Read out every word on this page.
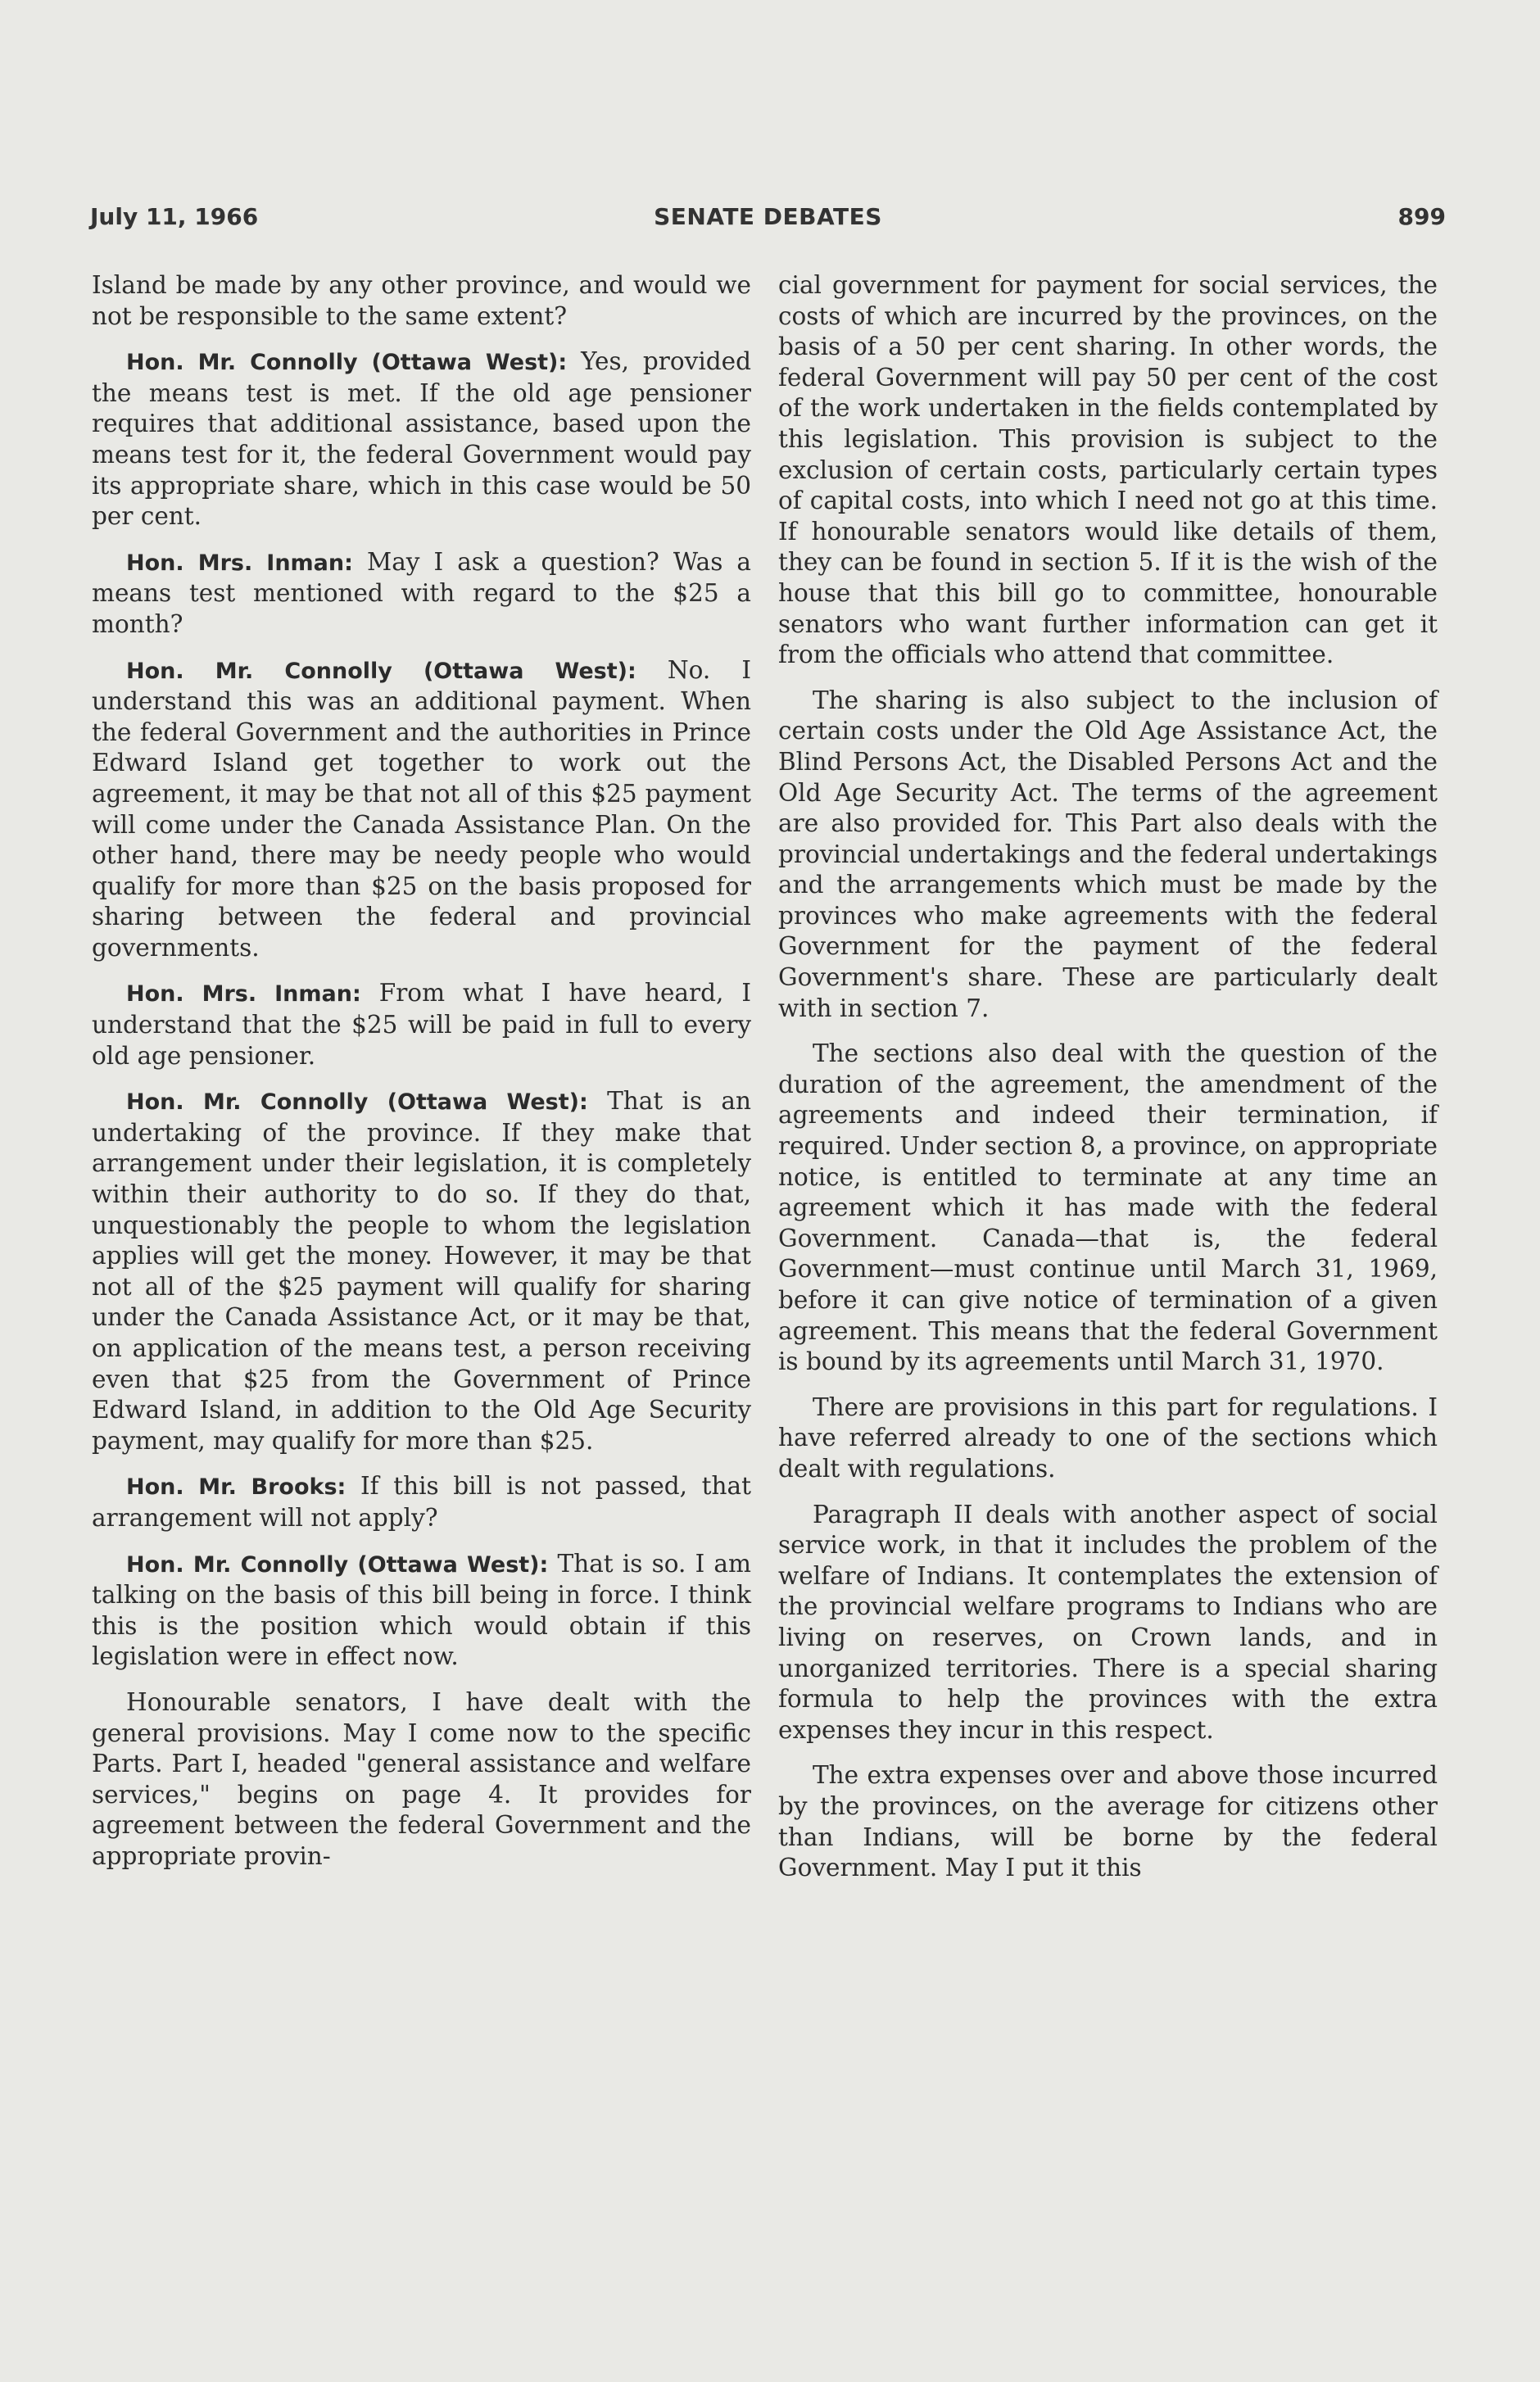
SENATE DEBATES
July 11, 1966	899

Island be made by any other province, and would we not be responsible to the same extent?

Hon. Mr. Connolly (Ottawa West): Yes, provided the means test is met. If the old age pensioner requires that additional assistance, based upon the means test for it, the federal Government would pay its appropriate share, which in this case would be 50 per cent.

Hon. Mrs. Inman: May I ask a question? Was a means test mentioned with regard to the $25 a month?

Hon. Mr. Connolly (Ottawa West): No. I understand this was an additional payment. When the federal Government and the authorities in Prince Edward Island get together to work out the agreement, it may be that not all of this $25 payment will come under the Canada Assistance Plan. On the other hand, there may be needy people who would qualify for more than $25 on the basis proposed for sharing between the federal and provincial governments.

Hon. Mrs. Inman: From what I have heard, I understand that the $25 will be paid in full to every old age pensioner.

Hon. Mr. Connolly (Ottawa West): That is an undertaking of the province. If they make that arrangement under their legislation, it is completely within their authority to do so. If they do that, unquestionably the people to whom the legislation applies will get the money. However, it may be that not all of the $25 payment will qualify for sharing under the Canada Assistance Act, or it may be that, on application of the means test, a person receiving even that $25 from the Government of Prince Edward Island, in addition to the Old Age Security payment, may qualify for more than $25.

Hon. Mr. Brooks: If this bill is not passed, that arrangement will not apply?

Hon. Mr. Connolly (Ottawa West): That is so. I am talking on the basis of this bill being in force. I think this is the position which would obtain if this legislation were in effect now.

Honourable senators, I have dealt with the general provisions. May I come now to the specific Parts. Part I, headed "general assistance and welfare services," begins on page 4. It provides for agreement between the federal Government and the appropriate provin-

cial government for payment for social services, the costs of which are incurred by the provinces, on the basis of a 50 per cent sharing. In other words, the federal Government will pay 50 per cent of the cost of the work undertaken in the fields contemplated by this legislation. This provision is subject to the exclusion of certain costs, particularly certain types of capital costs, into which I need not go at this time. If honourable senators would like details of them, they can be found in section 5. If it is the wish of the house that this bill go to committee, honourable senators who want further information can get it from the officials who attend that committee.

The sharing is also subject to the inclusion of certain costs under the Old Age Assistance Act, the Blind Persons Act, the Disabled Persons Act and the Old Age Security Act. The terms of the agreement are also provided for. This Part also deals with the provincial undertakings and the federal undertakings and the arrangements which must be made by the provinces who make agreements with the federal Government for the payment of the federal Government's share. These are particularly dealt with in section 7.

The sections also deal with the question of the duration of the agreement, the amendment of the agreements and indeed their termination, if required. Under section 8, a province, on appropriate notice, is entitled to terminate at any time an agreement which it has made with the federal Government. Canada—that is, the federal Government—must continue until March 31, 1969, before it can give notice of termination of a given agreement. This means that the federal Government is bound by its agreements until March 31, 1970.

There are provisions in this part for regulations. I have referred already to one of the sections which dealt with regulations.

Paragraph II deals with another aspect of social service work, in that it includes the problem of the welfare of Indians. It contemplates the extension of the provincial welfare programs to Indians who are living on reserves, on Crown lands, and in unorganized territories. There is a special sharing formula to help the provinces with the extra expenses they incur in this respect.

The extra expenses over and above those incurred by the provinces, on the average for citizens other than Indians, will be borne by the federal Government. May I put it this
